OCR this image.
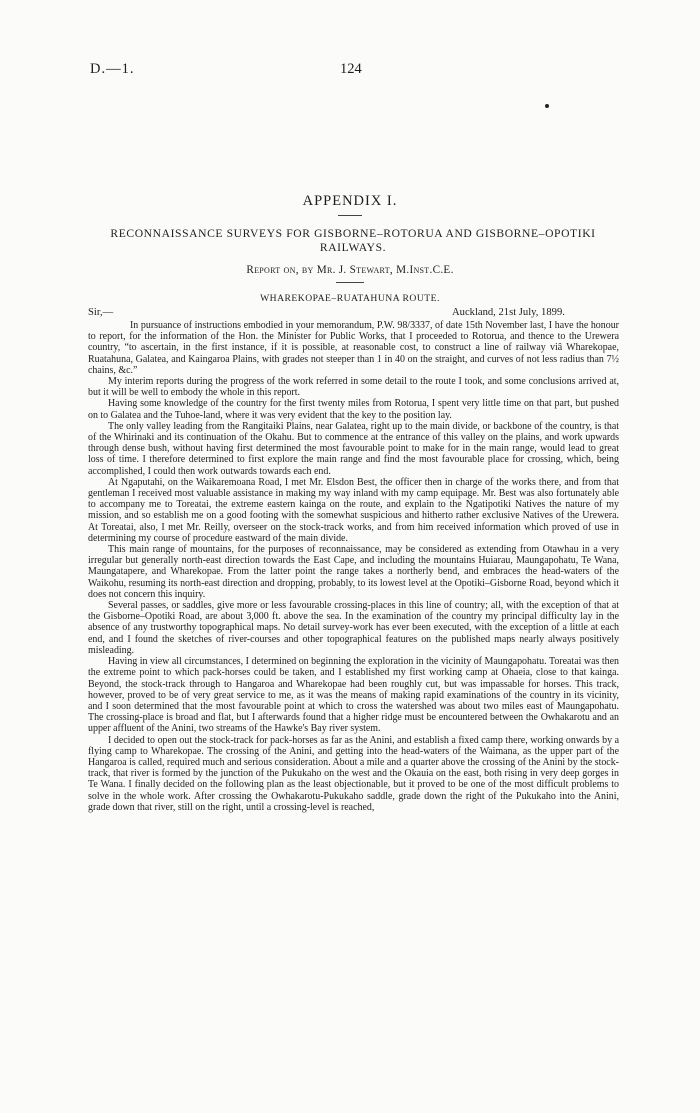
D.—1.	124
APPENDIX I.
RECONNAISSANCE SURVEYS FOR GISBORNE–ROTORUA AND GISBORNE–OPOTIKI RAILWAYS.
Report on, by Mr. J. Stewart, M.Inst.C.E.
WHAREKOPAE–RUATAHUNA ROUTE.
Sir,—	Auckland, 21st July, 1899.

In pursuance of instructions embodied in your memorandum, P.W. 98/3337, of date 15th November last, I have the honour to report, for the information of the Hon. the Minister for Public Works, that I proceeded to Rotorua, and thence to the Urewera country, “to ascertain, in the first instance, if it is possible, at reasonable cost, to construct a line of railway viâ Wharekopae, Ruatahuna, Galatea, and Kaingaroa Plains, with grades not steeper than 1 in 40 on the straight, and curves of not less radius than 7½ chains, &c.”

My interim reports during the progress of the work referred in some detail to the route I took, and some conclusions arrived at, but it will be well to embody the whole in this report.

Having some knowledge of the country for the first twenty miles from Rotorua, I spent very little time on that part, but pushed on to Galatea and the Tuhoe-land, where it was very evident that the key to the position lay.

The only valley leading from the Rangitaiki Plains, near Galatea, right up to the main divide, or backbone of the country, is that of the Whirinaki and its continuation of the Okahu. But to commence at the entrance of this valley on the plains, and work upwards through dense bush, without having first determined the most favourable point to make for in the main range, would lead to great loss of time. I therefore determined to first explore the main range and find the most favourable place for crossing, which, being accomplished, I could then work outwards towards each end.

At Ngaputahi, on the Waikaremoana Road, I met Mr. Elsdon Best, the officer then in charge of the works there, and from that gentleman I received most valuable assistance in making my way inland with my camp equipage. Mr. Best was also fortunately able to accompany me to Toreatai, the extreme eastern kainga on the route, and explain to the Ngatipotiki Natives the nature of my mission, and so establish me on a good footing with the somewhat suspicious and hitherto rather exclusive Natives of the Urewera. At Toreatai, also, I met Mr. Reilly, overseer on the stock-track works, and from him received information which proved of use in determining my course of procedure eastward of the main divide.

This main range of mountains, for the purposes of reconnaissance, may be considered as extending from Otawhau in a very irregular but generally north-east direction towards the East Cape, and including the mountains Huiarau, Maungapohatu, Te Wana, Maungatapere, and Wharekopae. From the latter point the range takes a northerly bend, and embraces the head-waters of the Waikohu, resuming its north-east direction and dropping, probably, to its lowest level at the Opotiki–Gisborne Road, beyond which it does not concern this inquiry.

Several passes, or saddles, give more or less favourable crossing-places in this line of country; all, with the exception of that at the Gisborne–Opotiki Road, are about 3,000 ft. above the sea. In the examination of the country my principal difficulty lay in the absence of any trustworthy topographical maps. No detail survey-work has ever been executed, with the exception of a little at each end, and I found the sketches of river-courses and other topographical features on the published maps nearly always positively misleading.

Having in view all circumstances, I determined on beginning the exploration in the vicinity of Maungapohatu. Toreatai was then the extreme point to which pack-horses could be taken, and I established my first working camp at Ohaeia, close to that kainga. Beyond, the stock-track through to Hangaroa and Wharekopae had been roughly cut, but was impassable for horses. This track, however, proved to be of very great service to me, as it was the means of making rapid examinations of the country in its vicinity, and I soon determined that the most favourable point at which to cross the watershed was about two miles east of Maungapohatu. The crossing-place is broad and flat, but I afterwards found that a higher ridge must be encountered between the Owhakarotu and an upper affluent of the Anini, two streams of the Hawke's Bay river system.

I decided to open out the stock-track for pack-horses as far as the Anini, and establish a fixed camp there, working onwards by a flying camp to Wharekopae. The crossing of the Anini, and getting into the head-waters of the Waimana, as the upper part of the Hangaroa is called, required much and serious consideration. About a mile and a quarter above the crossing of the Anini by the stock-track, that river is formed by the junction of the Pukukaho on the west and the Okauia on the east, both rising in very deep gorges in Te Wana. I finally decided on the following plan as the least objectionable, but it proved to be one of the most difficult problems to solve in the whole work. After crossing the Owhakarotu-Pukukaho saddle, grade down the right of the Pukukaho into the Anini, grade down that river, still on the right, until a crossing-level is reached,
